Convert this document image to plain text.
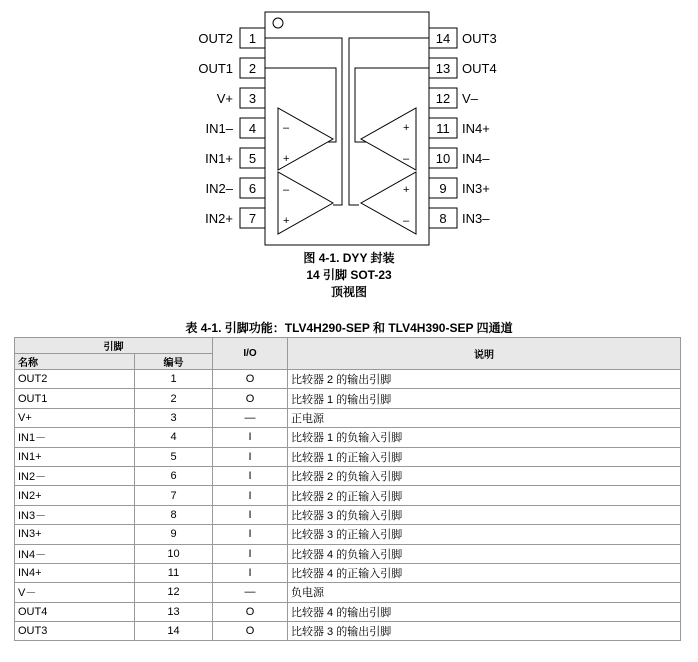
OUT2
OUT1
V+
IN1–
IN1+
IN2–
IN2+
1
2
3
4
5
6
7
OUT3
OUT4
V–
IN4+
IN4–
IN3+
IN3–
14
13
12
11
10
9
8
–
+
–
+
+
–
+
–
图 4-1. DYY 封装
14 引脚 SOT-23
顶视图
表 4-1. 引脚功能：TLV4H290-SEP 和 TLV4H390-SEP 四通道
引脚		I/O	说明
名称	编号		
OUT2	1	O	比较器 2 的输出引脚
OUT1	2	O	比较器 1 的输出引脚
V+	3	—	正电源
IN1－	4	I	比较器 1 的负输入引脚
IN1+	5	I	比较器 1 的正输入引脚
IN2－	6	I	比较器 2 的负输入引脚
IN2+	7	I	比较器 2 的正输入引脚
IN3－	8	I	比较器 3 的负输入引脚
IN3+	9	I	比较器 3 的正输入引脚
IN4－	10	I	比较器 4 的负输入引脚
IN4+	11	I	比较器 4 的正输入引脚
V－	12	—	负电源
OUT4	13	O	比较器 4 的输出引脚
OUT3	14	O	比较器 3 的输出引脚
